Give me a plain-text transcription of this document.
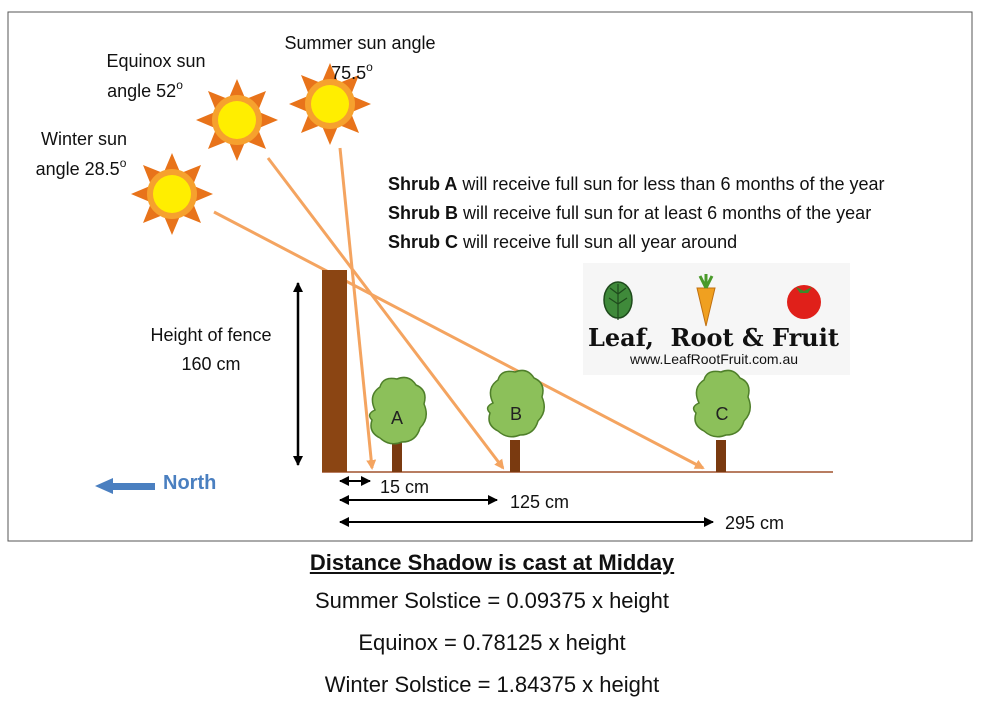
Equinox sun
angle 52$^o$
Summer sun angle
75.5$^o$
Winter sun
angle 28.5$^o$
Shrub A will receive full sun for less than 6 months of the year
Shrub B will receive full sun for at least 6 months of the year
Shrub C will receive full sun all year around
Leaf,  Root & Fruit
www.LeafRootFruit.com.au
Height of fence
160 cm
A	B	C
North	15 cm
125 cm
295 cm
Distance Shadow is cast at Midday
Summer Solstice = 0.09375 x height
Equinox = 0.78125 x height
Winter Solstice = 1.84375 x height
